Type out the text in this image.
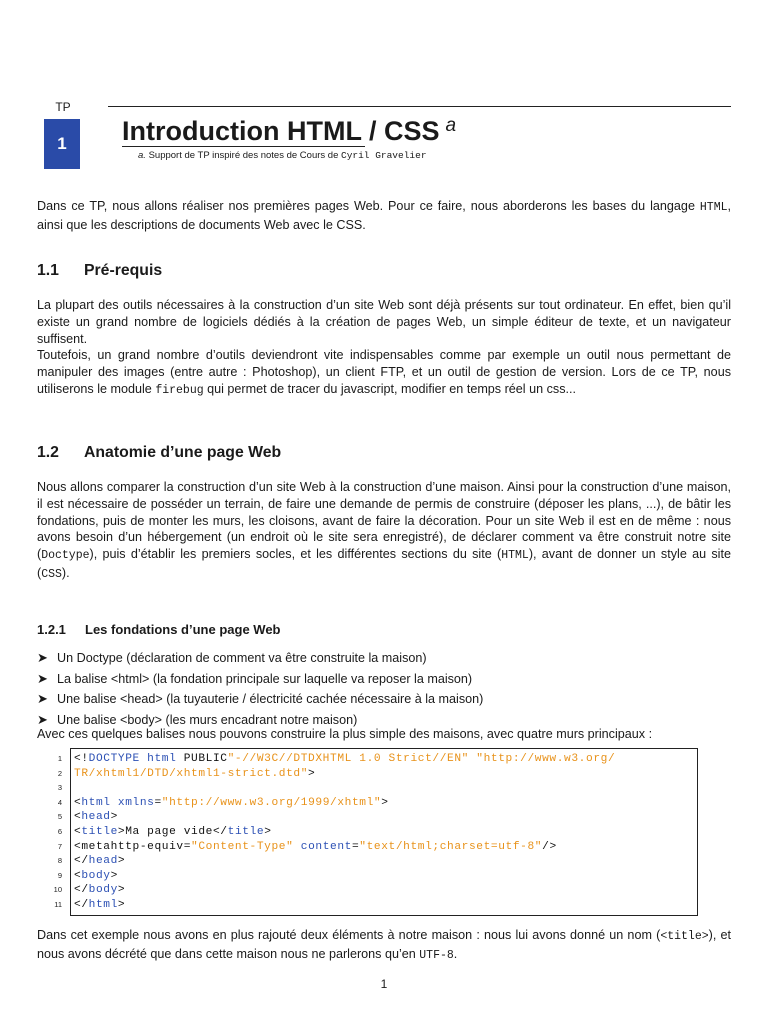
TP
1 Introduction HTML / CSS $^a$
a. Support de TP inspiré des notes de Cours de Cyril Gravelier

Dans ce TP, nous allons réaliser nos premières pages Web. Pour ce faire, nous aborderons les bases du langage HTML, ainsi que les descriptions de documents Web avec le CSS.

1.1 Pré-requis

La plupart des outils nécessaires à la construction d’un site Web sont déjà présents sur tout ordinateur. En effet, bien qu’il existe un grand nombre de logiciels dédiés à la création de pages Web, un simple éditeur de texte, et un navigateur suffisent.

Toutefois, un grand nombre d’outils deviendront vite indispensables comme par exemple un outil nous permettant de manipuler des images (entre autre : Photoshop), un client FTP, et un outil de gestion de version. Lors de ce TP, nous utiliserons le module firebug qui permet de tracer du javascript, modifier en temps réel un css...

1.2 Anatomie d’une page Web

Nous allons comparer la construction d’un site Web à la construction d’une maison. Ainsi pour la construction d’une maison, il est nécessaire de posséder un terrain, de faire une demande de permis de construire (déposer les plans, ...), de bâtir les fondations, puis de monter les murs, les cloisons, avant de faire la décoration. Pour un site Web il est en de même : nous avons besoin d’un hébergement (un endroit où le site sera enregistré), de déclarer comment va être construit notre site (Doctype), puis d’établir les premiers socles, et les différentes sections du site (HTML), avant de donner un style au site (CSS).

1.2.1 Les fondations d’une page Web
➤ Un Doctype (déclaration de comment va être construite la maison)
➤ La balise <html> (la fondation principale sur laquelle va reposer la maison)
➤ Une balise <head> (la tuyauterie / électricité cachée nécessaire à la maison)
➤ Une balise <body> (les murs encadrant notre maison)

Avec ces quelques balises nous pouvons construire la plus simple des maisons, avec quatre murs principaux :

1
2
3
4
5
6
7
8
9
10
11
<!DOCTYPE html PUBLIC"-//W3C//DTDXHTML 1.0 Strict//EN" "http://www.w3.org/
TR/xhtml1/DTD/xhtml1-strict.dtd">

<html xmlns="http://www.w3.org/1999/xhtml">
<head>
<title>Ma page vide</title>
<metahttp-equiv="Content-Type" content="text/html;charset=utf-8"/>
</head>
<body>
</body>
</html>

Dans cet exemple nous avons en plus rajouté deux éléments à notre maison : nous lui avons donné un nom (<title>), et nous avons décrété que dans cette maison nous ne parlerons qu’en UTF-8.

1
